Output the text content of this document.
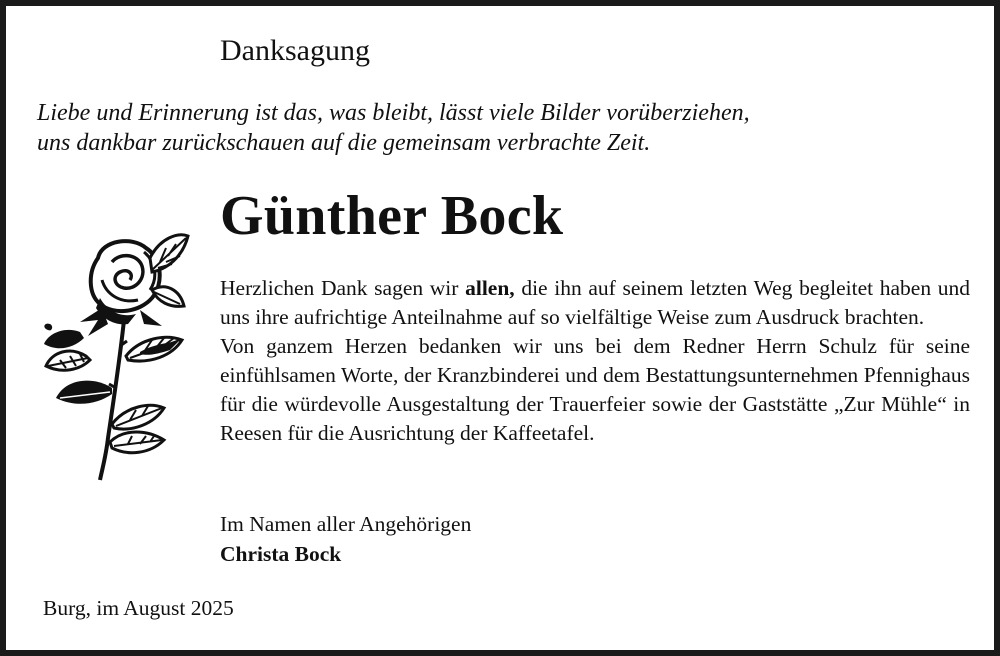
Danksagung
Liebe und Erinnerung ist das, was bleibt, lässt viele Bilder vorüberziehen,
uns dankbar zurückschauen auf die gemeinsam verbrachte Zeit.
Günther Bock

Herzlichen Dank sagen wir allen, die ihn auf seinem letzten Weg begleitet haben und uns ihre aufrichtige Anteilnahme auf so vielfältige Weise zum Ausdruck brachten.

Von ganzem Herzen bedanken wir uns bei dem Redner Herrn Schulz für seine einfühlsamen Worte, der Kranzbinderei und dem Bestattungsunternehmen Pfennighaus für die würdevolle Ausgestaltung der Trauerfeier sowie der Gaststätte „Zur Mühle“ in Reesen für die Ausrichtung der Kaffeetafel.

Im Namen aller Angehörigen
Christa Bock
Burg, im August 2025
